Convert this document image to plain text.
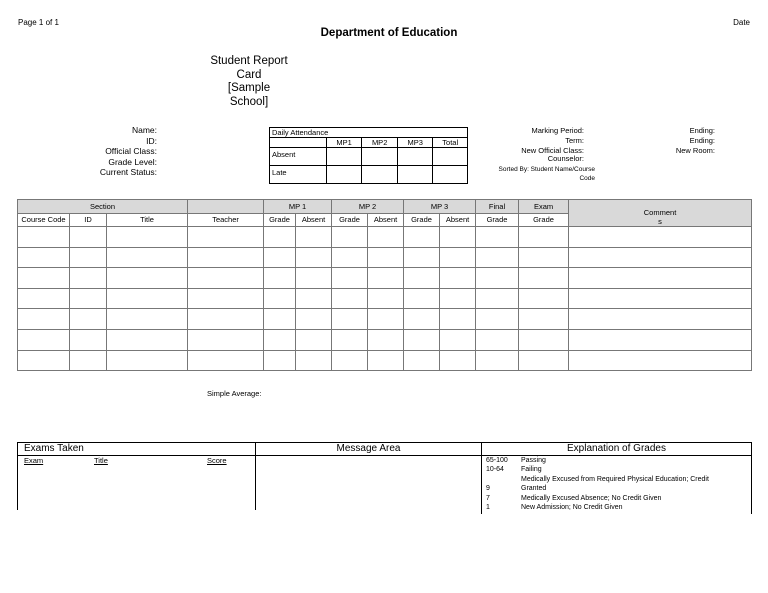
Page 1 of 1	Date
Department of Education
Student Report
Card
[Sample
School]
Name:
ID:
Official Class:
Grade Level:
Current Status:
Daily Attendance				
	MP1	MP2	MP3	Total
Absent				
Late				
Marking Period:
Term:
New Official Class:
Counselor:
Sorted By: Student Name/Course
Code
Ending:
Ending:
New Room:
Section				MP 1		MP 2		MP 3		Final	Exam	Comment
s

Course Code	ID	Title	Teacher	Grade	Absent	Grade	Absent	Grade	Absent	Grade	Grade	

Simple Average:
Exams Taken
Exam	Title	Score
Message Area	Explanation of Grades
65-100 Passing
10-64 Failing
Medically Excused from Required Physical Education; Credit
9	Granted
7	Medically Excused Absence; No Credit Given
1	New Admission; No Credit Given
